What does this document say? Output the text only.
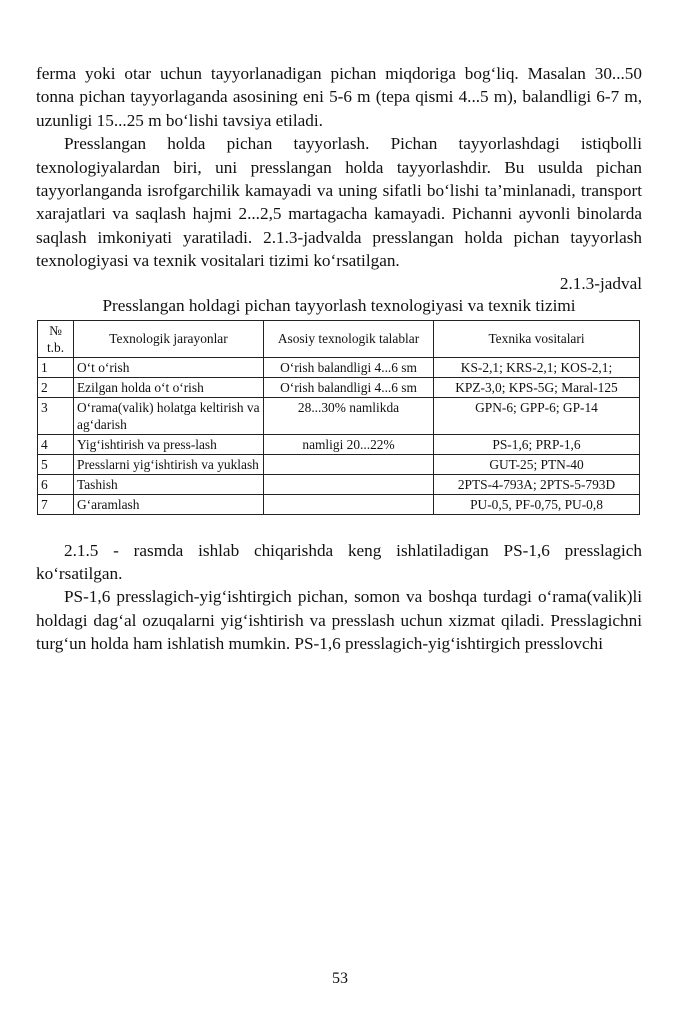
ferma yoki otar uchun tayyorlanadigan pichan miqdoriga bog‘liq. Masalan 30...50 tonna pichan tayyorlaganda asosining eni 5-6 m (tepa qismi 4...5 m), balandligi 6-7 m, uzunligi 15...25 m bo‘lishi tavsiya etiladi.

Presslangan holda pichan tayyorlash. Pichan tayyorlashdagi istiqbolli texnologiyalardan biri, uni presslangan holda tayyorlashdir. Bu usulda pichan tayyorlanganda isrofgarchilik kamayadi va uning sifatli bo‘lishi ta’minlanadi, transport xarajatlari va saqlash hajmi 2...2,5 martagacha kamayadi. Pichanni ayvonli binolarda saqlash imkoniyati yaratiladi. 2.1.3-jadvalda presslangan holda pichan tayyorlash texnologiyasi va texnik vositalari tizimi ko‘rsatilgan.

2.1.3-jadval

Presslangan holdagi pichan tayyorlash texnologiyasi va texnik tizimi

№ t.b.	Texnologik jarayonlar	Asosiy texnologik talablar	Texnika vositalari
1	O‘t o‘rish	O‘rish balandligi 4...6 sm	KS-2,1; KRS-2,1; KOS-2,1;
2	Ezilgan holda o‘t o‘rish	O‘rish balandligi 4...6 sm	KPZ-3,0; KPS-5G; Maral-125
3	O‘rama(valik) holatga keltirish va ag‘darish	28...30% namlikda	GPN-6; GPP-6; GP-14
4	Yig‘ishtirish va press-lash	namligi 20...22%	PS-1,6; PRP-1,6
5	Presslarni yig‘ishtirish va yuklash		GUT-25; PTN-40
6	Tashish		2PTS-4-793A; 2PTS-5-793D
7	G‘aramlash		PU-0,5, PF-0,75, PU-0,8

2.1.5 - rasmda ishlab chiqarishda keng ishlatiladigan PS-1,6 presslagich ko‘rsatilgan.

PS-1,6 presslagich-yig‘ishtirgich pichan, somon va boshqa turdagi o‘rama(valik)li holdagi dag‘al ozuqalarni yig‘ishtirish va presslash uchun xizmat qiladi. Presslagichni turg‘un holda ham ishlatish mumkin. PS-1,6 presslagich-yig‘ishtirgich presslovchi

53
